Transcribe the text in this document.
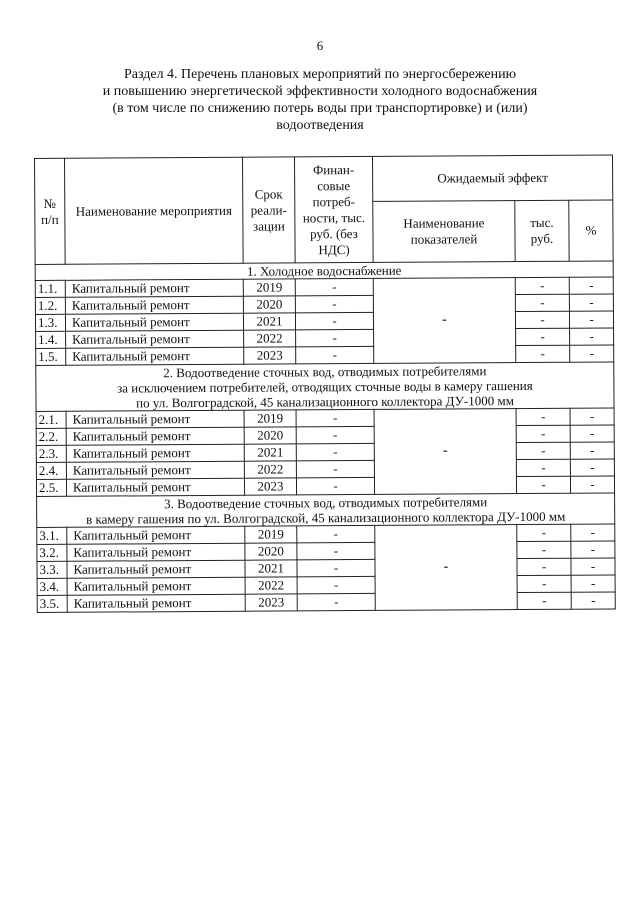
6
Раздел 4. Перечень плановых мероприятий по энергосбережению
и повышению энергетической эффективности холодного водоснабжения
(в том числе по снижению потерь воды при транспортировке) и (или)
водоотведения
№ п/п	Наименование мероприятия	Срок реали-зации	Финан-совые потреб-ности, тыс. руб. (без НДС)	Ожидаемый эффект		
				Наименование показателей	тыс. руб.	%
1. Холодное водоснабжение						
1.1.	Капитальный ремонт	2019	-	-	-	-
1.2.	Капитальный ремонт	2020	-		-	-
1.3.	Капитальный ремонт	2021	-		-	-
1.4.	Капитальный ремонт	2022	-		-	-
1.5.	Капитальный ремонт	2023	-		-	-

2. Водоотведение сточных вод, отводимых потребителями
за исключением потребителей, отводящих сточные воды в камеру гашения
по ул. Волгоградской, 45 канализационного коллектора ДУ-1000 мм						

2.1.	Капитальный ремонт	2019	-	-	-	-
2.2.	Капитальный ремонт	2020	-		-	-
2.3.	Капитальный ремонт	2021	-		-	-
2.4.	Капитальный ремонт	2022	-		-	-
2.5.	Капитальный ремонт	2023	-		-	-

3. Водоотведение сточных вод, отводимых потребителями
в камеру гашения по ул. Волгоградской, 45 канализационного коллектора ДУ-1000 мм						

3.1.	Капитальный ремонт	2019	-	-	-	-
3.2.	Капитальный ремонт	2020	-		-	-
3.3.	Капитальный ремонт	2021	-		-	-
3.4.	Капитальный ремонт	2022	-		-	-
3.5.	Капитальный ремонт	2023	-		-	-
